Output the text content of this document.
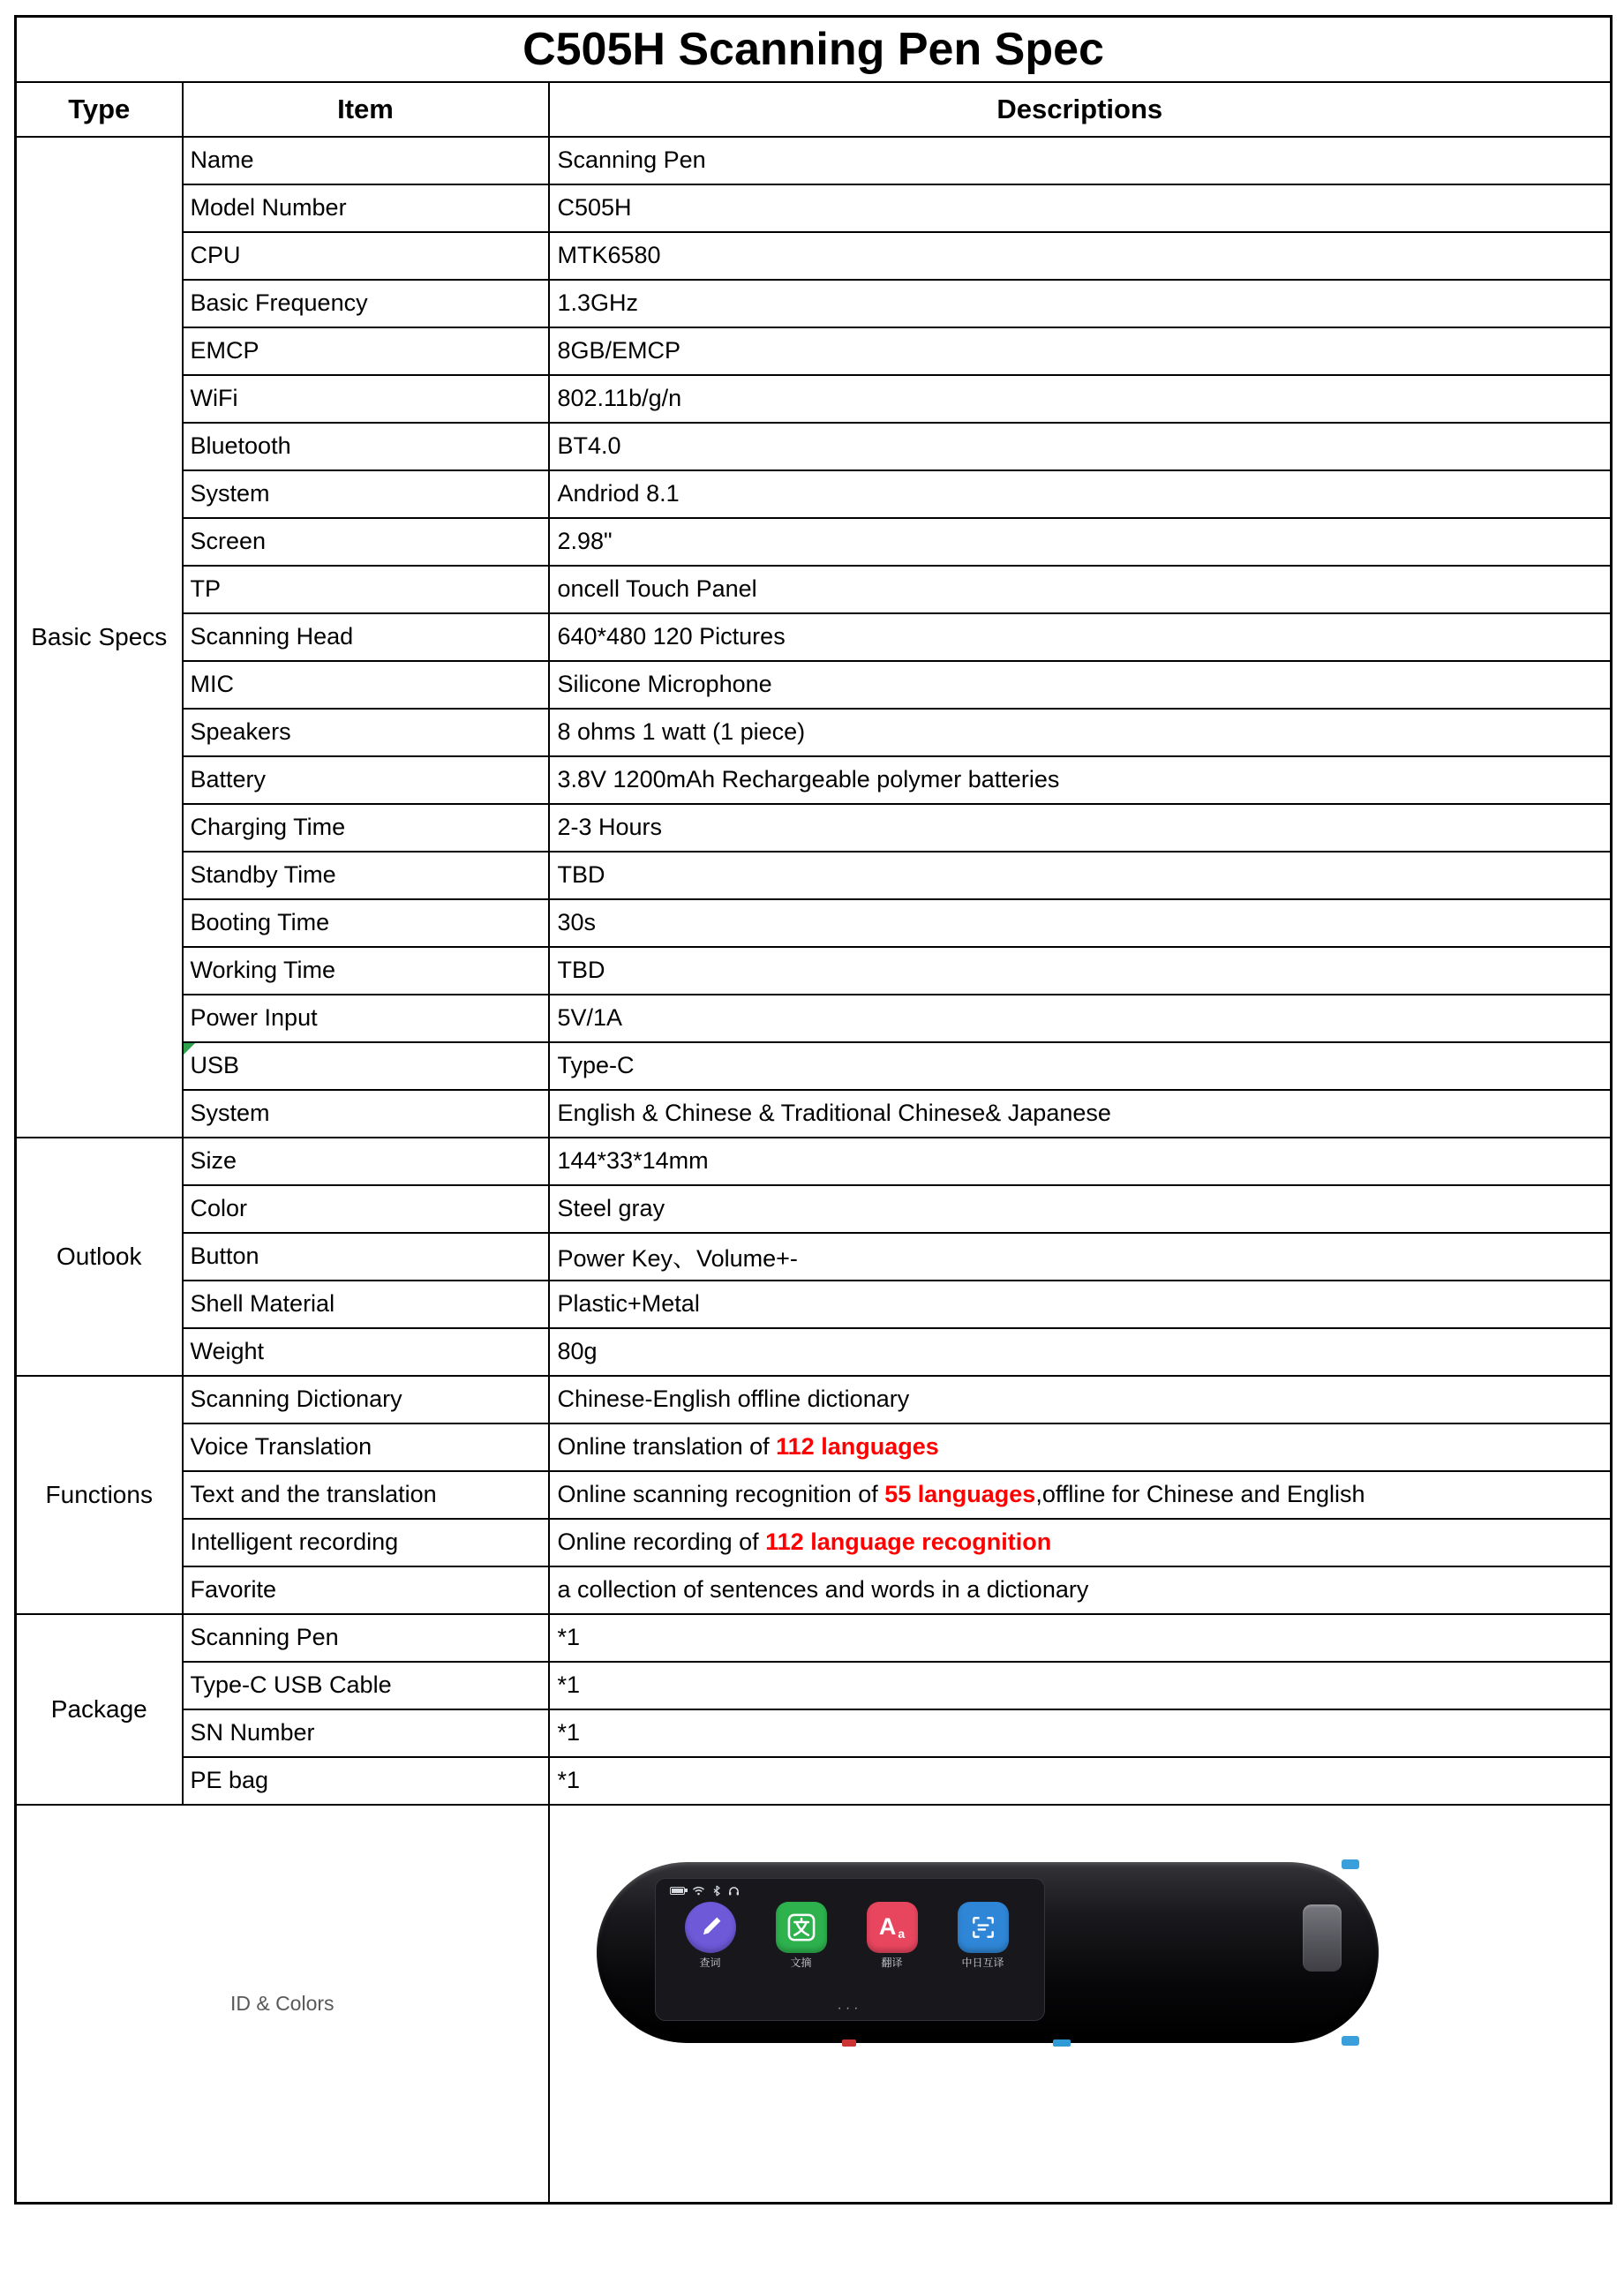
C505H Scanning Pen Spec		
Type	Item	Descriptions
Basic Specs	Name	Scanning Pen
	Model Number	C505H
	CPU	MTK6580
	Basic Frequency	1.3GHz
	EMCP	8GB/EMCP
	WiFi	802.11b/g/n
	Bluetooth	BT4.0
	System	Andriod 8.1
	Screen	2.98"
	TP	oncell Touch Panel
	Scanning Head	640*480 120 Pictures
	MIC	Silicone Microphone
	Speakers	8 ohms 1 watt (1 piece)
	Battery	3.8V 1200mAh Rechargeable polymer batteries
	Charging Time	2-3 Hours
	Standby Time	TBD
	Booting Time	30s
	Working Time	TBD
	Power Input	5V/1A
	USB	Type-C
	System	English & Chinese & Traditional Chinese& Japanese
Outlook	Size	144*33*14mm
	Color	Steel gray
	Button	Power Key、Volume+-
	Shell Material	Plastic+Metal
	Weight	80g
Functions	Scanning Dictionary	Chinese-English offline dictionary
	Voice Translation	Online translation of 112 languages
	Text and the translation	Online scanning recognition of 55 languages,offline for Chinese and English
	Intelligent recording	Online recording of 112 language recognition
	Favorite	a collection of sentences and words in a dictionary
Package	Scanning Pen	*1
	Type-C USB Cable	*1
	SN Number	*1
	PE bag	*1
ID & Colors	
查词	文摘
A a
翻译	中日互译
···
